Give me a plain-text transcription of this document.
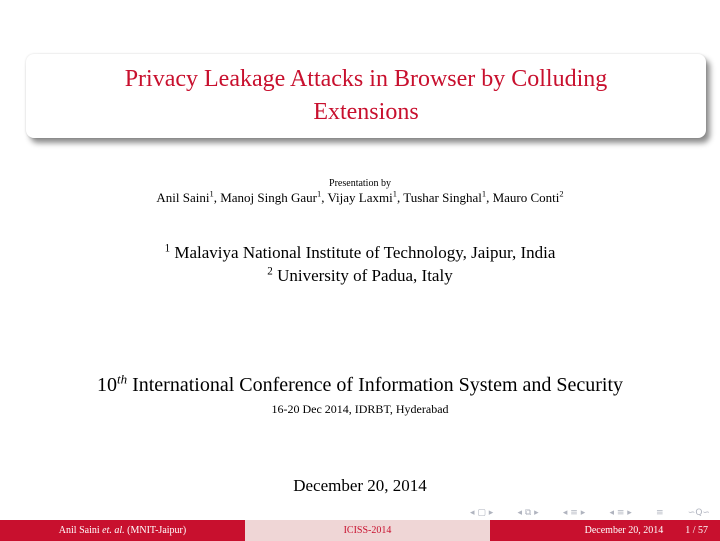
Privacy Leakage Attacks in Browser by Colluding
Extensions
Presentation by
Anil Saini$^1$, Manoj Singh Gaur$^1$, Vijay Laxmi$^1$, Tushar Singhal$^1$, Mauro Conti$^2$
$^1$ Malaviya National Institute of Technology, Jaipur, India
$^2$ University of Padua, Italy
10th International Conference of Information System and Security
16-20 Dec 2014, IDRBT, Hyderabad
December 20, 2014
◂ ▢ ▸	◂ ⧉ ▸	◂ ≡ ▸	◂ ≡ ▸	≡	∽Q∽
Anil Saini et. al. (MNIT-Jaipur)	ICISS-2014	December 20, 2014 1 / 57
